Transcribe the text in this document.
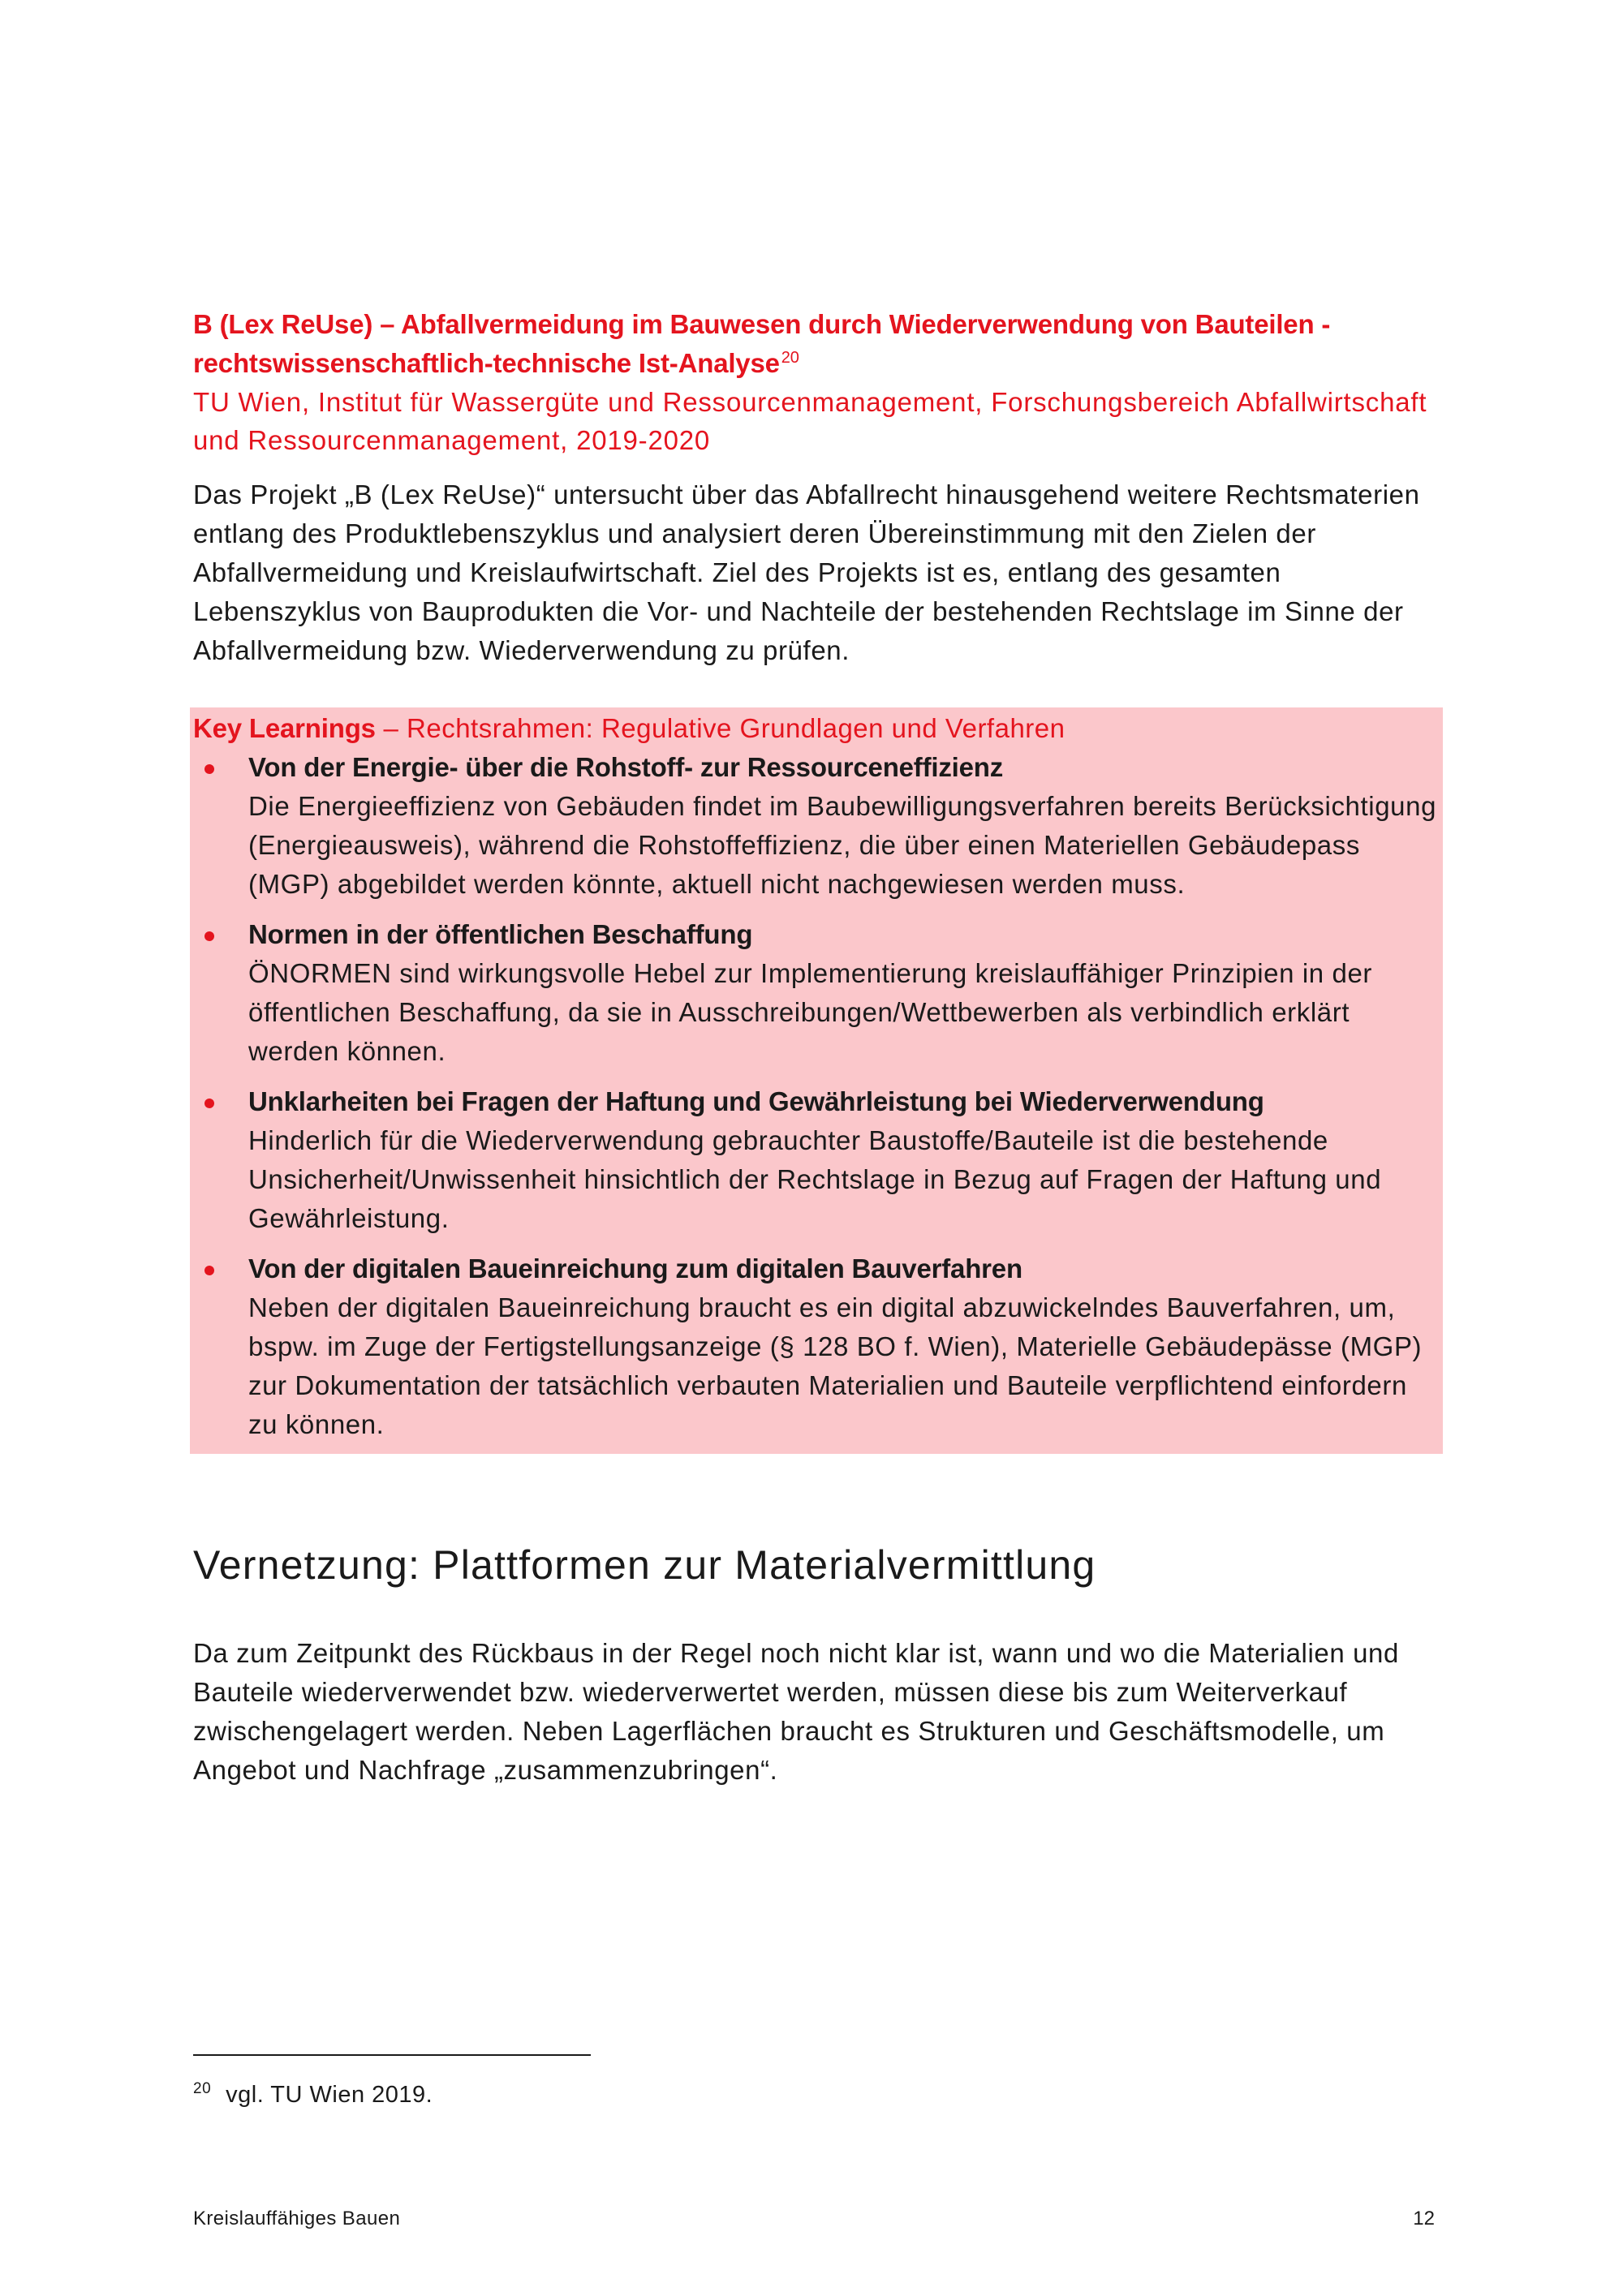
B (Lex ReUse) – Abfallvermeidung im Bauwesen durch Wiederverwendung von Bauteilen - rechtswissenschaftlich-technische Ist-Analyse $^{20}$

TU Wien, Institut für Wassergüte und Ressourcenmanagement, Forschungsbereich Abfallwirtschaft und Ressourcenmanagement, 2019-2020

Das Projekt „B (Lex ReUse)“ untersucht über das Abfallrecht hinausgehend weitere Rechtsmaterien entlang des Produktlebenszyklus und analysiert deren Übereinstimmung mit den Zielen der Abfallvermeidung und Kreislaufwirtschaft. Ziel des Projekts ist es, entlang des gesamten Lebenszyklus von Bauprodukten die Vor- und Nachteile der bestehenden Rechtslage im Sinne der Abfallvermeidung bzw. Wiederverwendung zu prüfen.

Key Learnings – Rechtsrahmen: Regulative Grundlagen und Verfahren

Von der Energie- über die Rohstoff- zur Ressourceneffizienz

Die Energieeffizienz von Gebäuden findet im Baubewilligungsverfahren bereits Berücksichtigung (Energieausweis), während die Rohstoffeffizienz, die über einen Materiellen Gebäudepass (MGP) abgebildet werden könnte, aktuell nicht nachgewiesen werden muss.

Normen in der öffentlichen Beschaffung

ÖNORMEN sind wirkungsvolle Hebel zur Implementierung kreislauffähiger Prinzipien in der öffentlichen Beschaffung, da sie in Ausschreibungen/Wettbewerben als verbindlich erklärt werden können.

Unklarheiten bei Fragen der Haftung und Gewährleistung bei Wiederverwendung

Hinderlich für die Wiederverwendung gebrauchter Baustoffe/Bauteile ist die bestehende Unsicherheit/Unwissenheit hinsichtlich der Rechtslage in Bezug auf Fragen der Haftung und Gewährleistung.

Von der digitalen Baueinreichung zum digitalen Bauverfahren

Neben der digitalen Baueinreichung braucht es ein digital abzuwickelndes Bauverfahren, um, bspw. im Zuge der Fertigstellungsanzeige (§ 128 BO f. Wien), Materielle Gebäudepässe (MGP) zur Dokumentation der tatsächlich verbauten Materialien und Bauteile verpflichtend einfordern zu können.

Vernetzung: Plattformen zur Materialvermittlung

Da zum Zeitpunkt des Rückbaus in der Regel noch nicht klar ist, wann und wo die Materialien und Bauteile wiederverwendet bzw. wiederverwertet werden, müssen diese bis zum Weiterverkauf zwischengelagert werden. Neben Lagerflächen braucht es Strukturen und Geschäftsmodelle, um Angebot und Nachfrage „zusammenzubringen“.

$^{20}$ vgl. TU Wien 2019.
Kreislauffähiges Bauen	12
